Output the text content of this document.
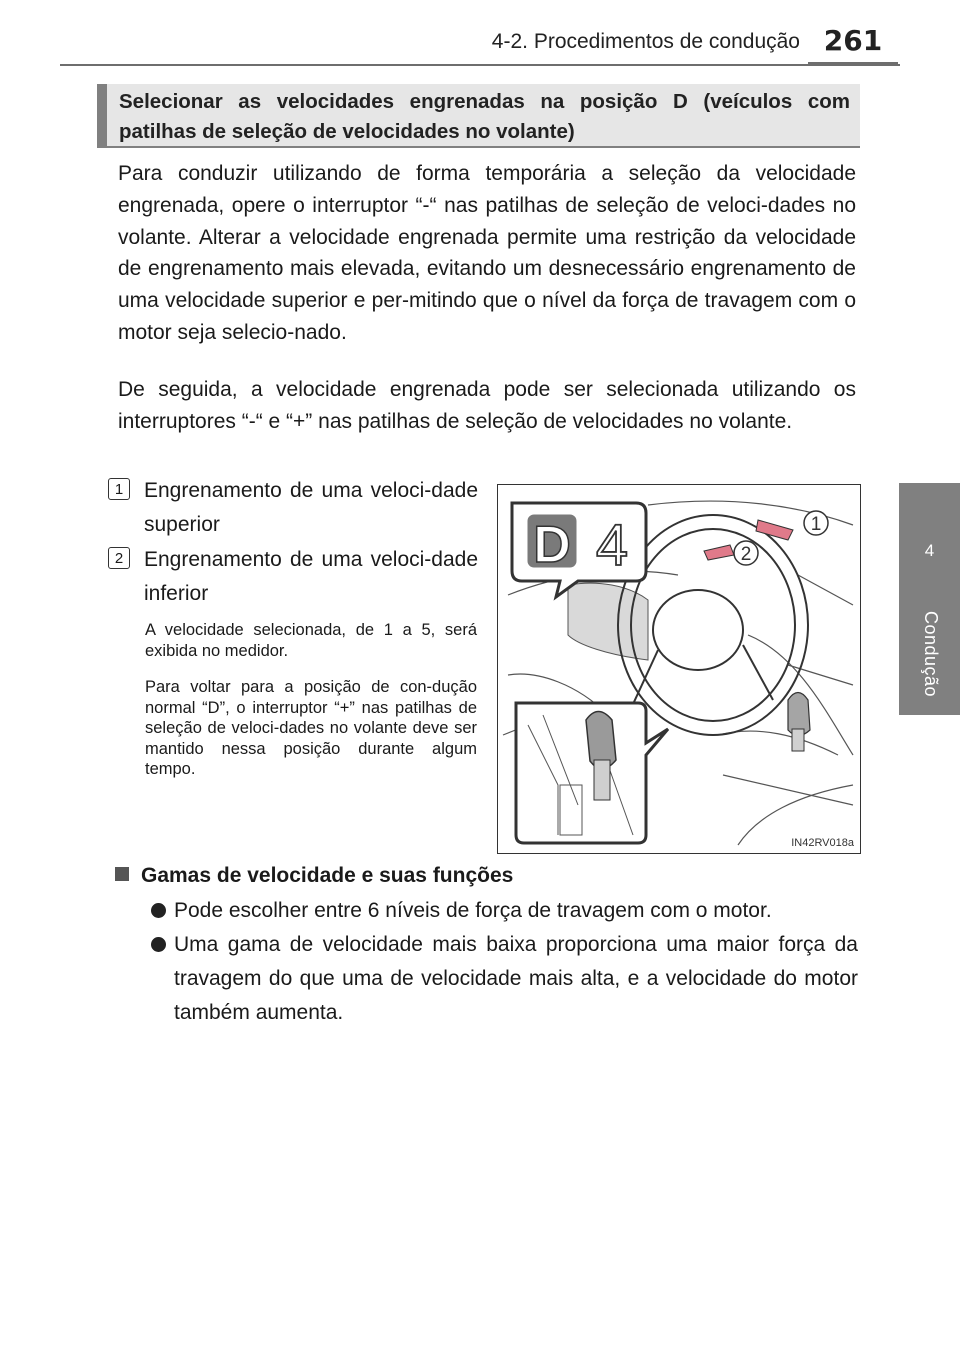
4-2. Procedimentos de condução 261
4
Condução
Selecionar as velocidades engrenadas na posição D (veículos com patilhas de seleção de velocidades no volante)
Para conduzir utilizando de forma temporária a seleção da velocidade engrenada, opere o interruptor “-“ nas patilhas de seleção de veloci-dades no volante. Alterar a velocidade engrenada permite uma restrição da velocidade de engrenamento mais elevada, evitando um desnecessário engrenamento de uma velocidade superior e per-mitindo que o nível da força de travagem com o motor seja selecio-nado.
De seguida, a velocidade engrenada pode ser selecionada utilizando os interruptores “-“ e “+” nas patilhas de seleção de velocidades no volante.
1 Engrenamento de uma veloci-dade superior
2 Engrenamento de uma veloci-dade inferior
A velocidade selecionada, de 1 a 5, será exibida no medidor.
Para voltar para a posição de con-dução normal “D”, o interruptor “+” nas patilhas de seleção de veloci-dades no volante deve ser mantido nessa posição durante algum tempo.
1
2
D 4
IN42RV018a
Gamas de velocidade e suas funções
Pode escolher entre 6 níveis de força de travagem com o motor.
Uma gama de velocidade mais baixa proporciona uma maior força da travagem do que uma de velocidade mais alta, e a velocidade do motor também aumenta.
